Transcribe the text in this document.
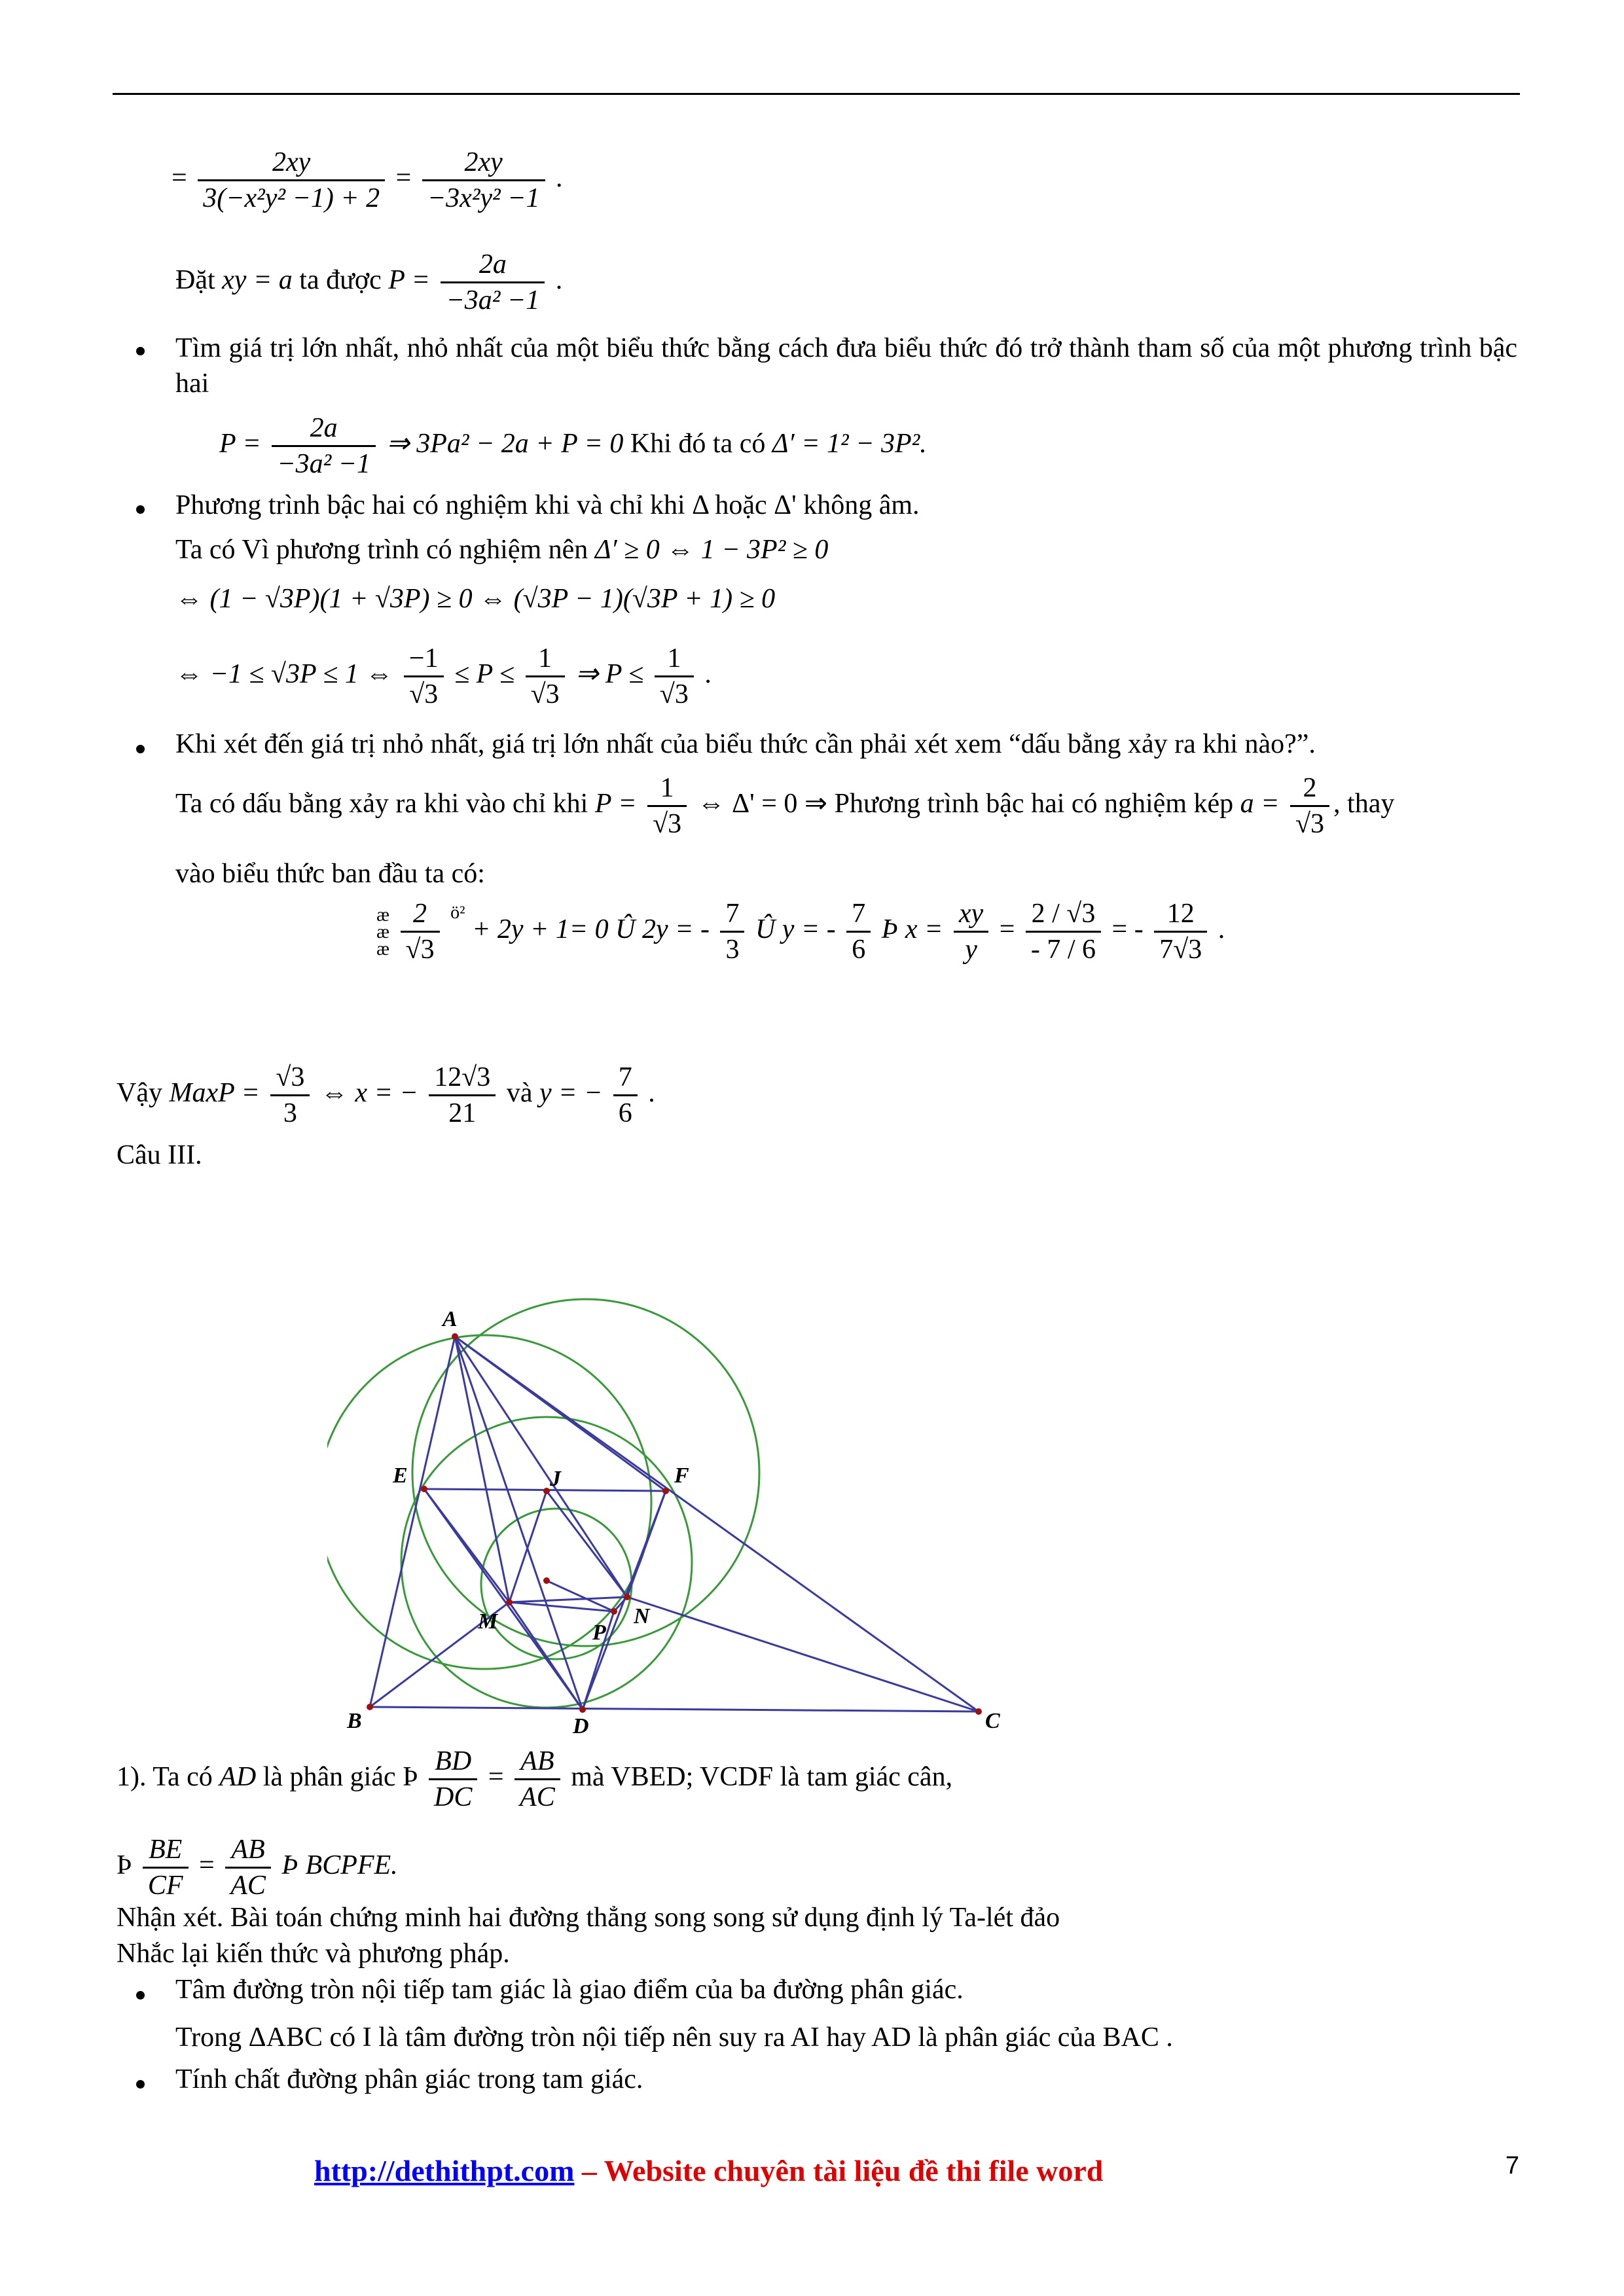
= $\frac{2xy}{\text{3(−x²y² −1) + 2}} = \frac{2xy}{\text{−3x²y² −1}}$ .
Đặt xy = a ta được $P = \frac{2a}{\text{−3a² −1}}$ .
Tìm giá trị lớn nhất, nhỏ nhất của một biểu thức bằng cách đưa biểu thức đó trở thành tham số của một phương trình bậc hai
$P = \frac{2a}{\text{−3a² −1}}$ ⇒ 3Pa² − 2a + P = 0 Khi đó ta có Δ′ = 1² − 3P².
Phương trình bậc hai có nghiệm khi và chỉ khi Δ hoặc Δ' không âm.
Ta có Vì phương trình có nghiệm nên Δ′ ≥ 0 ⇔ 1 − 3P² ≥ 0
⇔ (1 − √3P)(1 + √3P) ≥ 0 ⇔ (√3P − 1)(√3P + 1) ≥ 0
⇔ −1 ≤ √3P ≤ 1 ⇔ $\frac{-1}{√3} \le P \le \frac{1}{√3}$ ⇒ $P \le \frac{1}{√3}$ .
Khi xét đến giá trị nhỏ nhất, giá trị lớn nhất của biểu thức cần phải xét xem “dấu bằng xảy ra khi nào?”.
Ta có dấu bằng xảy ra khi vào chỉ khi $P = \frac{1}{√3}$ ⇔ Δ' = 0 ⇒ Phương trình bậc hai có nghiệm kép $a = \frac{2}{√3}$ , thay
vào biểu thức ban đầu ta có:
æ
æ
æ $\frac{2}{√3}$ ö² + 2y + 1= 0 Û 2y = - $\frac{7}{3}$ Û y = - $\frac{7}{6}$ Þ $x = \frac{xy}{y} = \frac{2 / √3}{- 7 / 6}$ = - $\frac{12}{7√3}$ .
Vậy MaxP = $\frac{√3}{3}$ ⇔ x = − $\frac{12√3}{21}$ và y = − $\frac{7}{6}$ .
Câu III.
A
E	F
J
M	P
N
B	D	C
1). Ta có AD là phân giác Þ $\frac{BD}{DC} = \frac{AB}{AC}$ mà VBED; VCDF là tam giác cân,
Þ $\frac{BE}{CF} = \frac{AB}{AC}$ Þ BCPFE.
Nhận xét. Bài toán chứng minh hai đường thẳng song song sử dụng định lý Ta-lét đảo
Nhắc lại kiến thức và phương pháp.
Tâm đường tròn nội tiếp tam giác là giao điểm của ba đường phân giác.
Trong ΔABC có I là tâm đường tròn nội tiếp nên suy ra AI hay AD là phân giác của BAC .
Tính chất đường phân giác trong tam giác.
http://dethithpt.com – Website chuyên tài liệu đề thi file word	7
